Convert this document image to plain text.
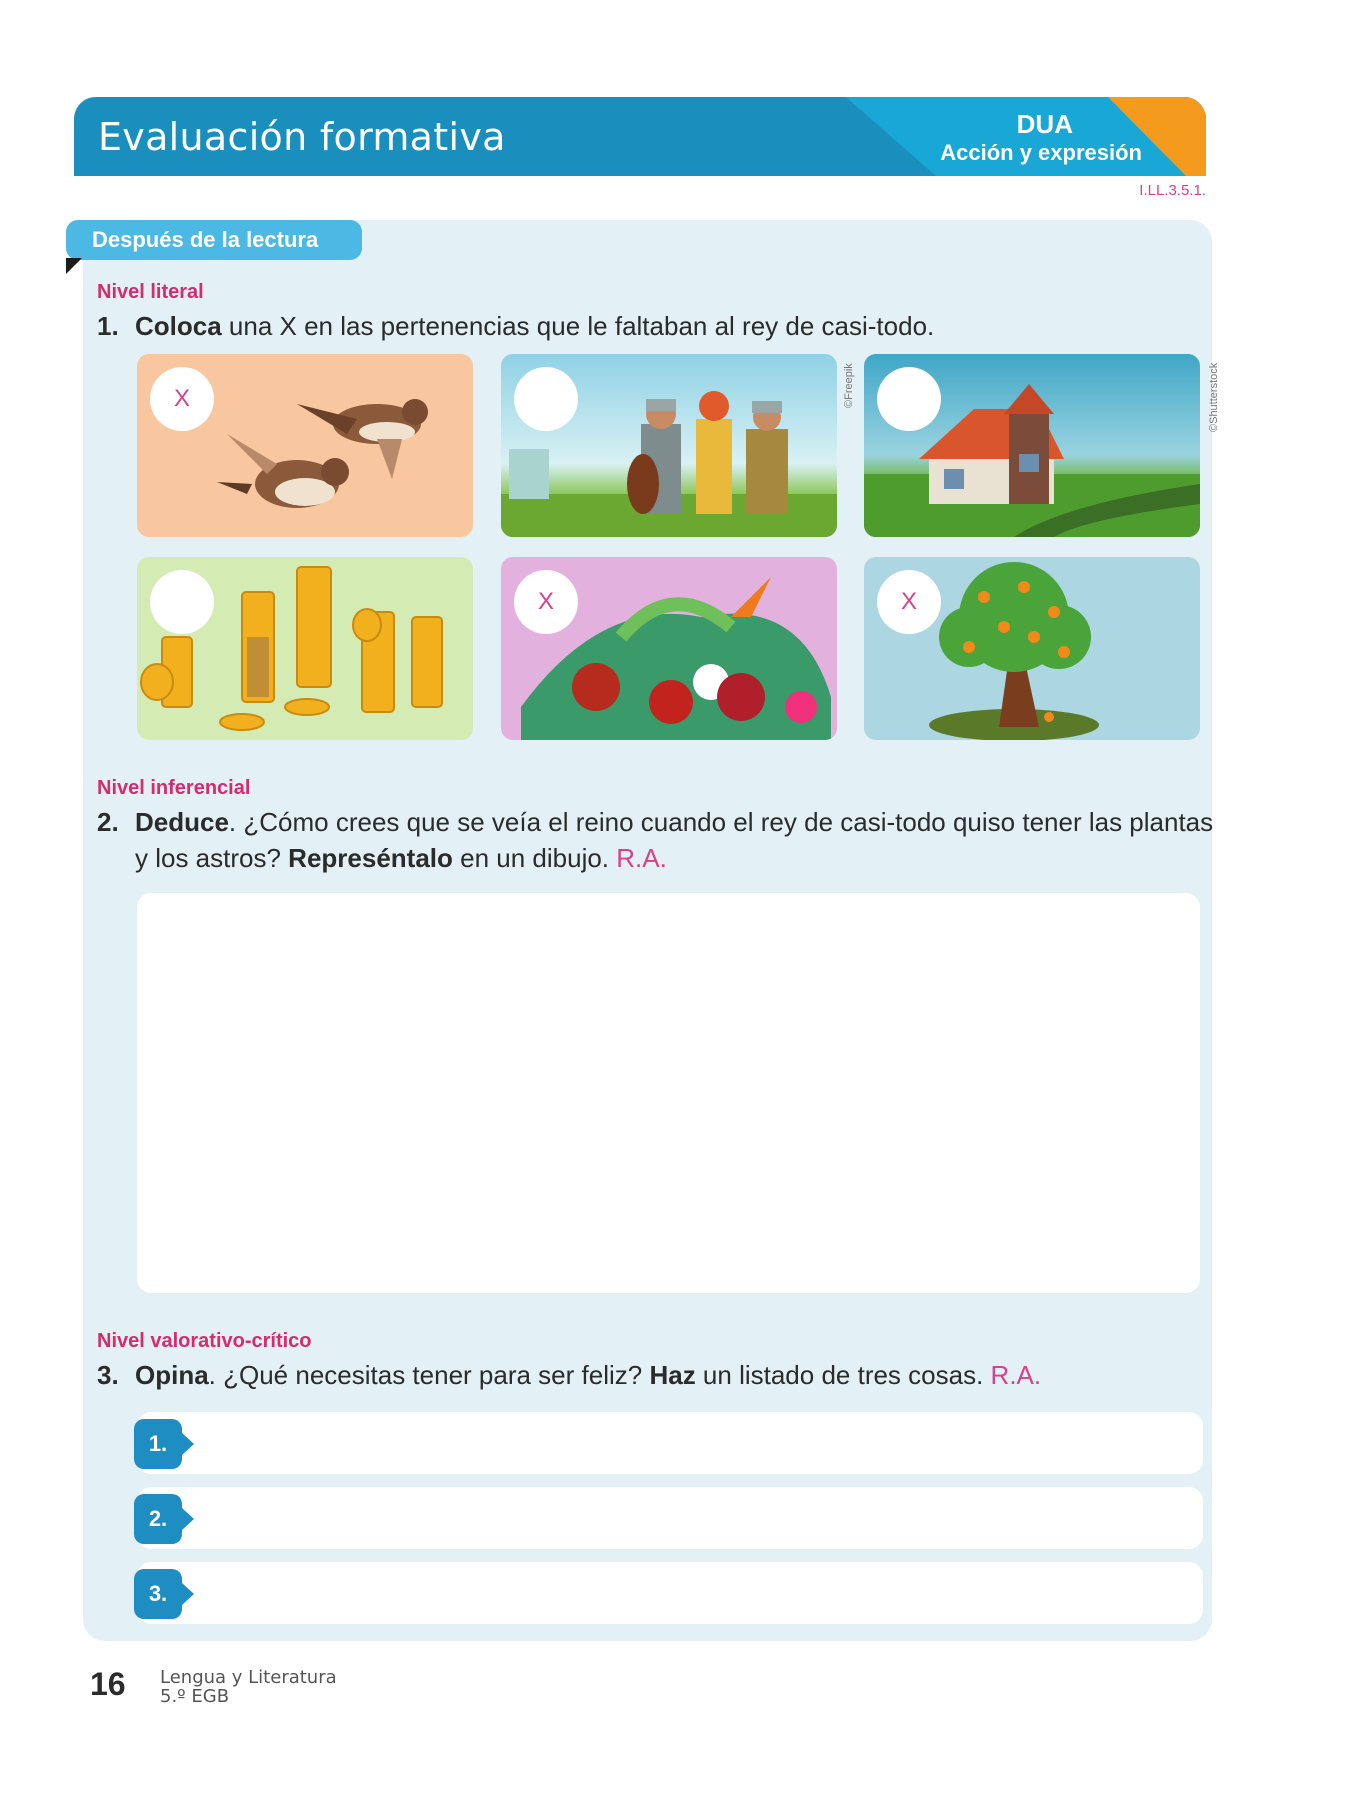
Evaluación formativa	DUA
Acción y expresión
I.LL.3.5.1.
Después de la lectura
Nivel literal
1. Coloca una X en las pertenencias que le faltaban al rey de casi-todo.
X	©Freepik	©Shutterstock
X	X
Nivel inferencial
2. Deduce. ¿Cómo crees que se veía el reino cuando el rey de casi-todo quiso tener las plantas
y los astros? Represéntalo en un dibujo. R.A.
Nivel valorativo-crítico
3. Opina. ¿Qué necesitas tener para ser feliz? Haz un listado de tres cosas. R.A.
1.
2.
3.
16 Lengua y Literatura
5.º EGB
